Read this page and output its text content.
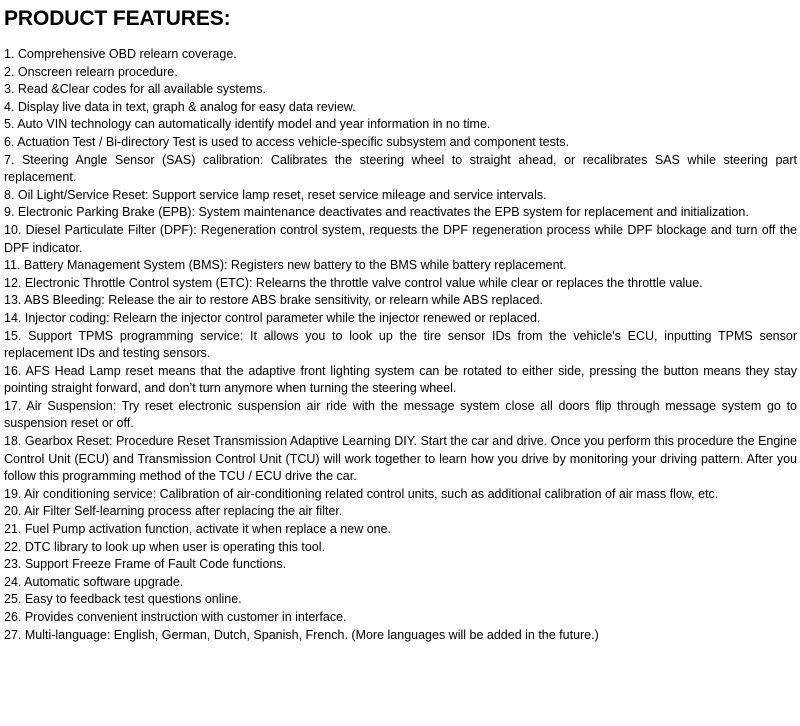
PRODUCT FEATURES:
1. Comprehensive OBD relearn coverage.
2. Onscreen relearn procedure.
3. Read &Clear codes for all available systems.
4. Display live data in text, graph & analog for easy data review.
5. Auto VIN technology can automatically identify model and year information in no time.
6. Actuation Test / Bi-directory Test is used to access vehicle-specific subsystem and component tests.
7. Steering Angle Sensor (SAS) calibration: Calibrates the steering wheel to straight ahead, or recalibrates SAS while steering part replacement.
8. Oil Light/Service Reset: Support service lamp reset, reset service mileage and service intervals.
9. Electronic Parking Brake (EPB): System maintenance deactivates and reactivates the EPB system for replacement and initialization.
10. Diesel Particulate Filter (DPF): Regeneration control system, requests the DPF regeneration process while DPF blockage and turn off the DPF indicator.
11. Battery Management System (BMS): Registers new battery to the BMS while battery replacement.
12. Electronic Throttle Control system (ETC): Relearns the throttle valve control value while clear or replaces the throttle value.
13. ABS Bleeding: Release the air to restore ABS brake sensitivity, or relearn while ABS replaced.
14. Injector coding: Relearn the injector control parameter while the injector renewed or replaced.
15. Support TPMS programming service: It allows you to look up the tire sensor IDs from the vehicle's ECU, inputting TPMS sensor replacement IDs and testing sensors.
16. AFS Head Lamp reset means that the adaptive front lighting system can be rotated to either side, pressing the button means they stay pointing straight forward, and don’t turn anymore when turning the steering wheel.
17. Air Suspension: Try reset electronic suspension air ride with the message system close all doors flip through message system go to suspension reset or off.
18. Gearbox Reset: Procedure Reset Transmission Adaptive Learning DIY. Start the car and drive. Once you perform this procedure the Engine Control Unit (ECU) and Transmission Control Unit (TCU) will work together to learn how you drive by monitoring your driving pattern. After you follow this programming method of the TCU / ECU drive the car.
19. Air conditioning service: Calibration of air-conditioning related control units, such as additional calibration of air mass flow, etc.
20. Air Filter Self-learning process after replacing the air filter.
21. Fuel Pump activation function, activate it when replace a new one.
22. DTC library to look up when user is operating this tool.
23. Support Freeze Frame of Fault Code functions.
24. Automatic software upgrade.
25. Easy to feedback test questions online.
26. Provides convenient instruction with customer in interface.
27. Multi-language: English, German, Dutch, Spanish, French. (More languages will be added in the future.)
